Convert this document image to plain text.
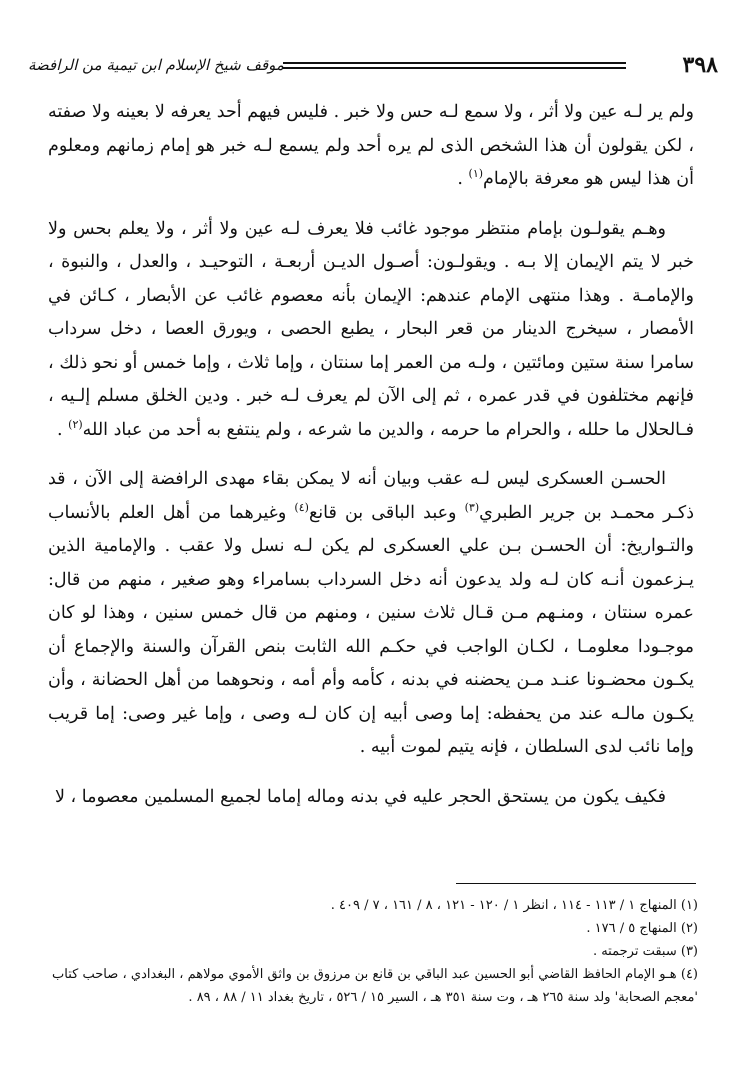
٣٩٨
موقف شيخ الإسلام ابن تيمية من الرافضة

ولم ير لـه عين ولا أثر ، ولا سمع لـه حس ولا خبر . فليس فيهم أحد يعرفه لا بعينه ولا صفته ، لكن يقولون أن هذا الشخص الذى لم يره أحد ولم يسمع لـه خبر هو إمام زمانهم ومعلوم أن هذا ليس هو معرفة بالإمام$^{(١)}$ .

وهـم يقولـون بإمام منتظر موجود غائب فلا يعرف لـه عين ولا أثر ، ولا يعلم بحس ولا خبر لا يتم الإيمان إلا بـه . ويقولـون: أصـول الديـن أربعـة ، التوحيـد ، والعدل ، والنبوة ، والإمامـة . وهذا منتهى الإمام عندهم: الإيمان بأنه معصوم غائب عن الأبصار ، كـائن في الأمصار ، سيخرج الدينار من قعر البحار ، يطبع الحصى ، ويورق العصا ، دخل سرداب سامرا سنة ستين ومائتين ، ولـه من العمر إما سنتان ، وإما ثلاث ، وإما خمس أو نحو ذلك ، فإنهم مختلفون في قدر عمره ، ثم إلى الآن لم يعرف لـه خبر . ودين الخلق مسلم إلـيه ، فـالحلال ما حلله ، والحرام ما حرمه ، والدين ما شرعه ، ولم ينتفع به أحد من عباد الله$^{(٢)}$ .

الحسـن العسكرى ليس لـه عقب وبيان أنه لا يمكن بقاء مهدى الرافضة إلى الآن ، قد ذكـر محمـد بن جرير الطبري$^{(٣)}$ وعبد الباقى بن قانع$^{(٤)}$ وغيرهما من أهل العلم بالأنساب والتـواريخ: أن الحسـن بـن علي العسكرى لم يكن لـه نسل ولا عقب . والإمامية الذين يـزعمون أنـه كان لـه ولد يدعون أنه دخل السرداب بسامراء وهو صغير ، منهم من قال: عمره سنتان ، ومنـهم مـن قـال ثلاث سنين ، ومنهم من قال خمس سنين ، وهذا لو كان موجـودا معلومـا ، لكـان الواجب في حكـم الله الثابت بنص القرآن والسنة والإجماع أن يكـون محضـونا عنـد مـن يحضنه في بدنه ، كأمه وأم أمه ، ونحوهما من أهل الحضانة ، وأن يكـون مالـه عند من يحفظه: إما وصى أبيه إن كان لـه وصى ، وإما غير وصى: إما قريب وإما نائب لدى السلطان ، فإنه يتيم لموت أبيه .

فكيف يكون من يستحق الحجر عليه في بدنه وماله إماما لجميع المسلمين معصوما ، لا

(١) المنهاج ١ / ١١٣ - ١١٤ ، انظر ١ / ١٢٠ - ١٢١ ، ٨ / ١٦١ ، ٧ / ٤٠٩ .

(٢) المنهاج ٥ / ١٧٦ .

(٣) سبقت ترجمته .

(٤) هـو الإمام الحافظ القاضي أبو الحسين عبد الباقي بن قانع بن مرزوق بن واثق الأموي مولاهم ، البغدادي ، صاحب كتاب 'معجم الصحابة' ولد سنة ٢٦٥ هـ ، وت سنة ٣٥١ هـ ، السير ١٥ / ٥٢٦ ، تاريخ بغداد ١١ / ٨٨ ، ٨٩ .
